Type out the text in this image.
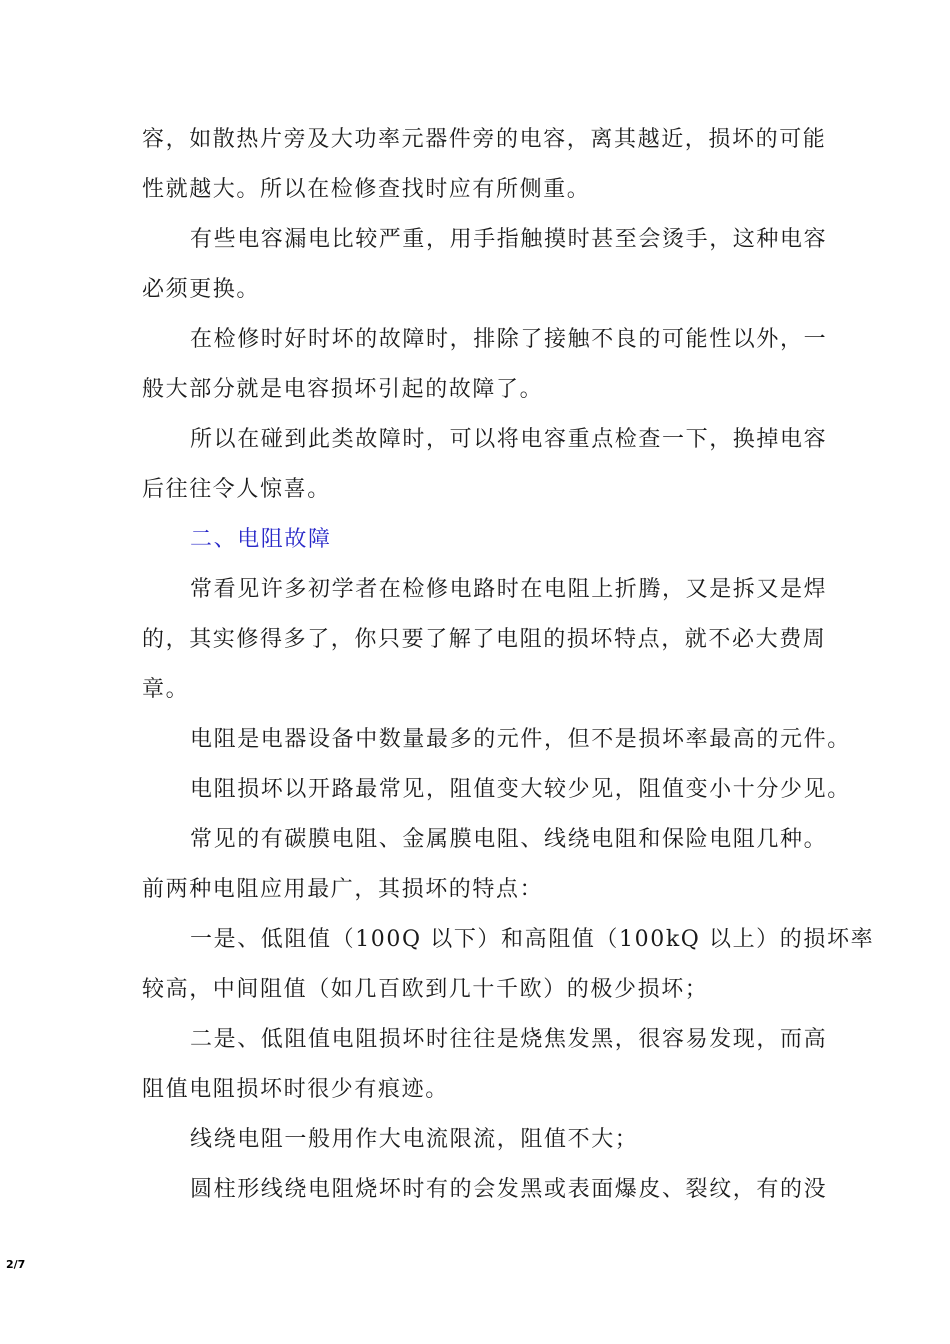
容，如散热片旁及大功率元器件旁的电容，离其越近，损坏的可能
性就越大。所以在检修查找时应有所侧重。
有些电容漏电比较严重，用手指触摸时甚至会烫手，这种电容
必须更换。
在检修时好时坏的故障时，排除了接触不良的可能性以外，一
般大部分就是电容损坏引起的故障了。
所以在碰到此类故障时，可以将电容重点检查一下，换掉电容
后往往令人惊喜。
二、电阻故障
常看见许多初学者在检修电路时在电阻上折腾，又是拆又是焊
的，其实修得多了，你只要了解了电阻的损坏特点，就不必大费周
章。
电阻是电器设备中数量最多的元件，但不是损坏率最高的元件。
电阻损坏以开路最常见，阻值变大较少见，阻值变小十分少见。
常见的有碳膜电阻、金属膜电阻、线绕电阻和保险电阻几种。
前两种电阻应用最广，其损坏的特点：
一是、低阻值（100Q 以下）和高阻值（100kQ 以上）的损坏率
较高，中间阻值（如几百欧到几十千欧）的极少损坏；
二是、低阻值电阻损坏时往往是烧焦发黑，很容易发现，而高
阻值电阻损坏时很少有痕迹。
线绕电阻一般用作大电流限流，阻值不大；
圆柱形线绕电阻烧坏时有的会发黑或表面爆皮、裂纹，有的没
2/7
